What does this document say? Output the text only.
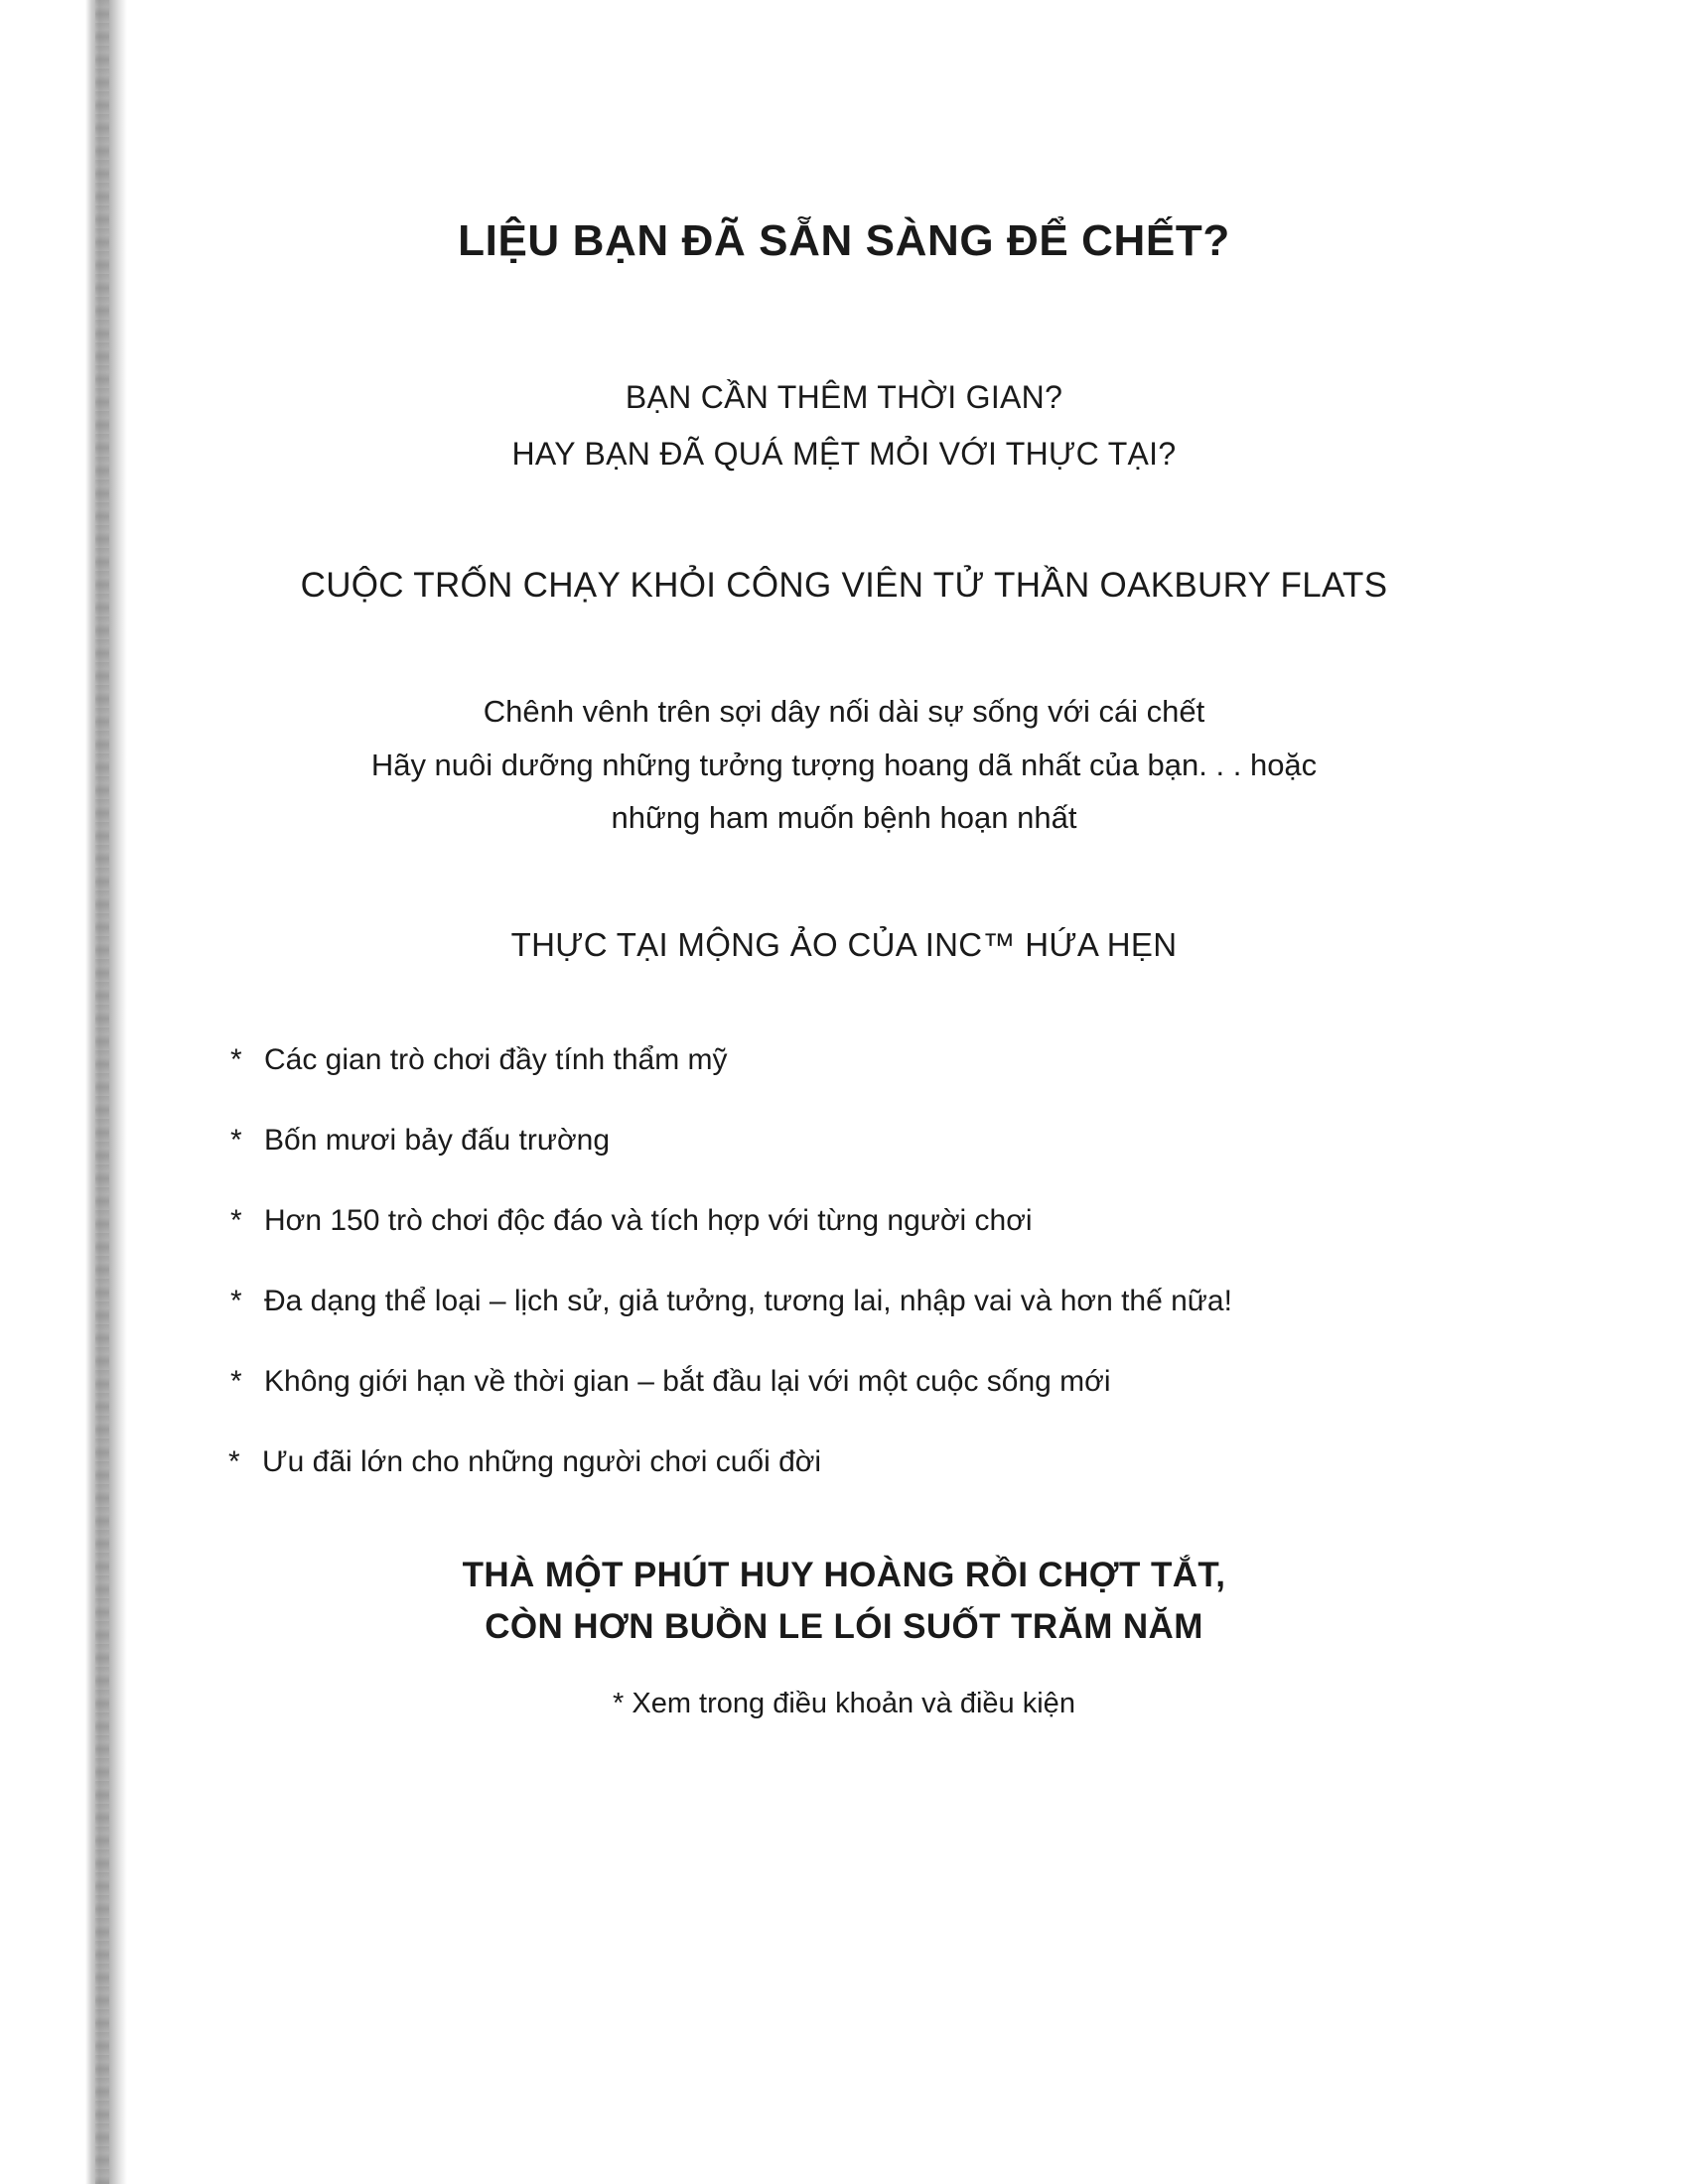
LIỆU BẠN ĐÃ SẴN SÀNG ĐỂ CHẾT?
BẠN CẦN THÊM THỜI GIAN?
HAY BẠN ĐÃ QUÁ MỆT MỎI VỚI THỰC TẠI?
CUỘC TRỐN CHẠY KHỎI CÔNG VIÊN TỬ THẦN OAKBURY FLATS
Chênh vênh trên sợi dây nối dài sự sống với cái chết
Hãy nuôi dưỡng những tưởng tượng hoang dã nhất của bạn. . . hoặc
những ham muốn bệnh hoạn nhất
THỰC TẠI MỘNG ẢO CỦA INC™ HỨA HẸN
* Các gian trò chơi đầy tính thẩm mỹ
* Bốn mươi bảy đấu trường
* Hơn 150 trò chơi độc đáo và tích hợp với từng người chơi
* Đa dạng thể loại – lịch sử, giả tưởng, tương lai, nhập vai và hơn thế nữa!
* Không giới hạn về thời gian – bắt đầu lại với một cuộc sống mới
* Ưu đãi lớn cho những người chơi cuối đời
THÀ MỘT PHÚT HUY HOÀNG RỒI CHỢT TẮT,
CÒN HƠN BUỒN LE LÓI SUỐT TRĂM NĂM
* Xem trong điều khoản và điều kiện
